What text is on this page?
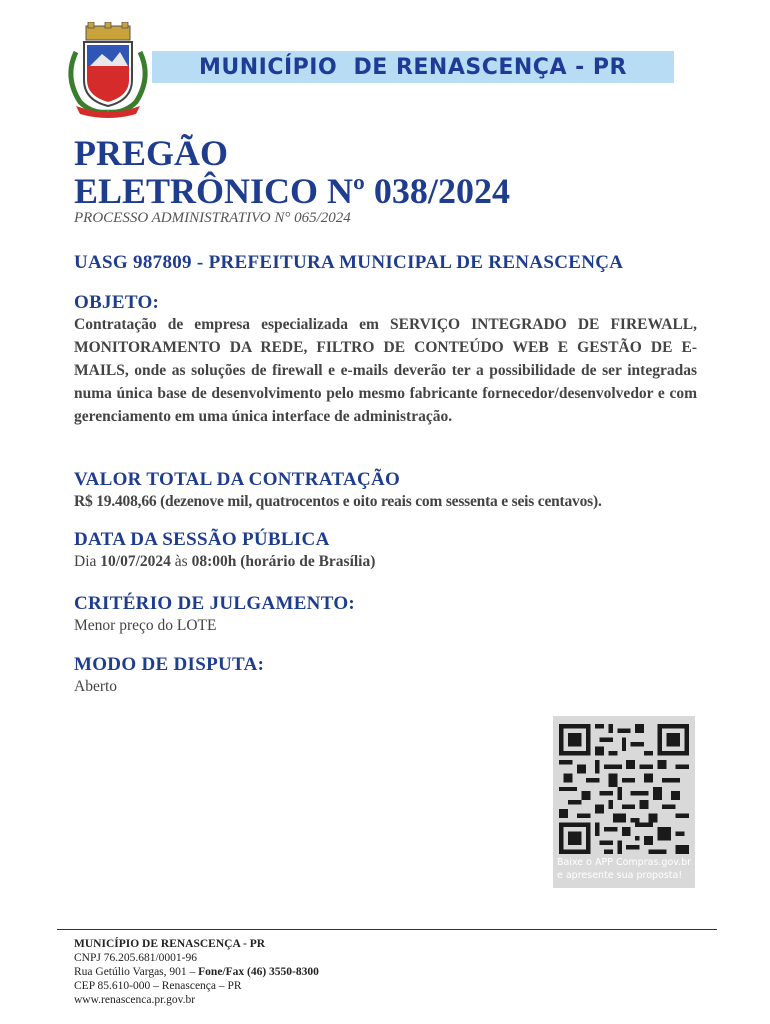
MUNICÍPIO  DE RENASCENÇA - PR
PREGÃO
ELETRÔNICO Nº 038/2024
PROCESSO ADMINISTRATIVO N° 065/2024
UASG 987809 - PREFEITURA MUNICIPAL DE RENASCENÇA
OBJETO:
Contratação de empresa especializada em SERVIÇO INTEGRADO DE FIREWALL, MONITORAMENTO DA REDE, FILTRO DE CONTEÚDO WEB E GESTÃO DE E-MAILS, onde as soluções de firewall e e-mails deverão ter a possibilidade de ser integradas numa única base de desenvolvimento pelo mesmo fabricante fornecedor/desenvolvedor e com gerenciamento em uma única interface de administração.
VALOR TOTAL DA CONTRATAÇÃO
R$ 19.408,66 (dezenove mil, quatrocentos e oito reais com sessenta e seis centavos).
DATA DA SESSÃO PÚBLICA
Dia 10/07/2024 às 08:00h (horário de Brasília)
CRITÉRIO DE JULGAMENTO:
Menor preço do LOTE
MODO DE DISPUTA:
Aberto
Baixe o APP Compras.gov.br
e apresente sua proposta!
MUNICÍPIO DE RENASCENÇA - PR
CNPJ 76.205.681/0001-96
Rua Getúlio Vargas, 901 – Fone/Fax (46) 3550-8300
CEP 85.610-000 – Renascença – PR
www.renascenca.pr.gov.br
